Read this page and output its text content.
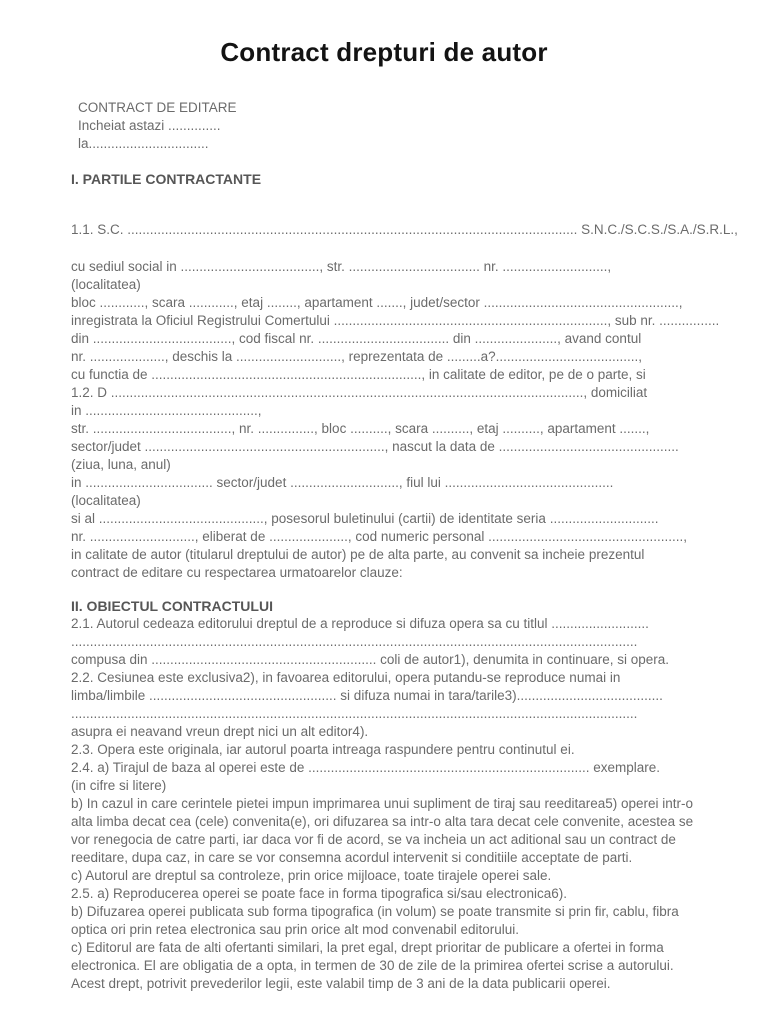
Contract drepturi de autor
CONTRACT DE EDITARE
Incheiat astazi ..............
la................................
I. PARTILE CONTRACTANTE
1.1. S.C. ........................................................................................................................ S.N.C./S.C.S./S.A./S.R.L.,
cu sediul social in ....................................., str. ................................... nr. ............................,
(localitatea)
bloc ............, scara ............, etaj ........, apartament ......., judet/sector ....................................................,
inregistrata la Oficiul Registrului Comertului ........................................................................., sub nr. ................
din ....................................., cod fiscal nr. ................................... din ......................, avand contul
nr. ...................., deschis la ............................, reprezentata de .........a?......................................,
cu functia de ........................................................................, in calitate de editor, pe de o parte, si
1.2. D .............................................................................................................................., domiciliat
in ..............................................,
str. ....................................., nr. ..............., bloc .........., scara .........., etaj .........., apartament .......,
sector/judet ................................................................, nascut la data de ................................................
(ziua, luna, anul)
in .................................. sector/judet ............................., fiul lui .............................................
(localitatea)
si al ............................................, posesorul buletinului (cartii) de identitate seria .............................
nr. ............................, eliberat de ....................., cod numeric personal ....................................................,
in calitate de autor (titularul dreptului de autor) pe de alta parte, au convenit sa incheie prezentul
contract de editare cu respectarea urmatoarelor clauze:
II. OBIECTUL CONTRACTULUI
2.1. Autorul cedeaza editorului dreptul de a reproduce si difuza opera sa cu titlul ..........................
.......................................................................................................................................................
compusa din ............................................................ coli de autor1), denumita in continuare, si opera.
2.2. Cesiunea este exclusiva2), in favoarea editorului, opera putandu-se reproduce numai in
limba/limbile .................................................. si difuza numai in tara/tarile3).......................................
.......................................................................................................................................................
asupra ei neavand vreun drept nici un alt editor4).
2.3. Opera este originala, iar autorul poarta intreaga raspundere pentru continutul ei.
2.4. a) Tirajul de baza al operei este de ........................................................................... exemplare.
(in cifre si litere)
b) In cazul in care cerintele pietei impun imprimarea unui supliment de tiraj sau reeditarea5) operei intr-o
alta limba decat cea (cele) convenita(e), ori difuzarea sa intr-o alta tara decat cele convenite, acestea se
vor renegocia de catre parti, iar daca vor fi de acord, se va incheia un act aditional sau un contract de
reeditare, dupa caz, in care se vor consemna acordul intervenit si conditiile acceptate de parti.
c) Autorul are dreptul sa controleze, prin orice mijloace, toate tirajele operei sale.
2.5. a) Reproducerea operei se poate face in forma tipografica si/sau electronica6).
b) Difuzarea operei publicata sub forma tipografica (in volum) se poate transmite si prin fir, cablu, fibra
optica ori prin retea electronica sau prin orice alt mod convenabil editorului.
c) Editorul are fata de alti ofertanti similari, la pret egal, drept prioritar de publicare a ofertei in forma
electronica. El are obligatia de a opta, in termen de 30 de zile de la primirea ofertei scrise a autorului.
Acest drept, potrivit prevederilor legii, este valabil timp de 3 ani de la data publicarii operei.
